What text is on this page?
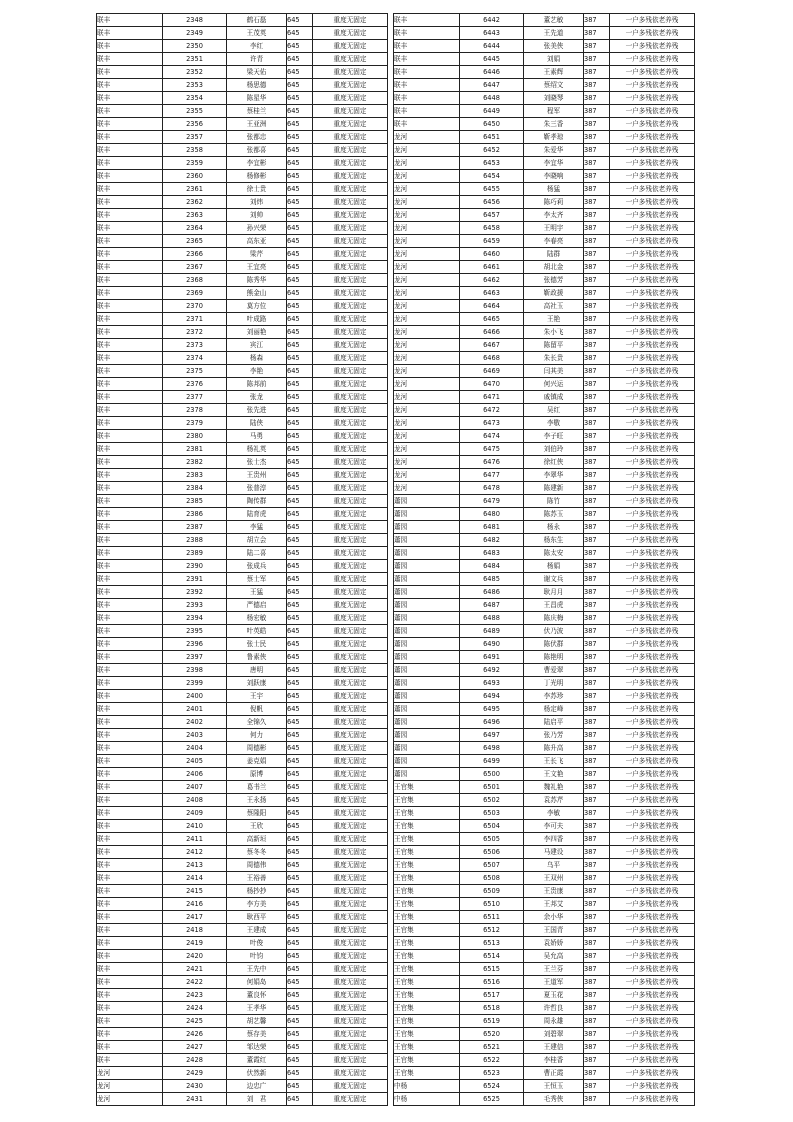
联丰	2348	鹤石磊	645	重度无固定
联丰	2349	王茂英	645	重度无固定
联丰	2350	李红	645	重度无固定
联丰	2351	许青	645	重度无固定
联丰	2352	梁天佑	645	重度无固定
联丰	2353	杨思德	645	重度无固定
联丰	2354	陈星华	645	重度无固定
联丰	2355	蔡桂兰	645	重度无固定
联丰	2356	王亚洲	645	重度无固定
联丰	2357	张都忠	645	重度无固定
联丰	2358	张都喜	645	重度无固定
联丰	2359	李宜彬	645	重度无固定
联丰	2360	杨修彬	645	重度无固定
联丰	2361	徐士贵	645	重度无固定
联丰	2362	刘炜	645	重度无固定
联丰	2363	刘帅	645	重度无固定
联丰	2364	孙兴荣	645	重度无固定
联丰	2365	高东亚	645	重度无固定
联丰	2366	梁芹	645	重度无固定
联丰	2367	王宜亮	645	重度无固定
联丰	2368	陈秀华	645	重度无固定
联丰	2369	熊金山	645	重度无固定
联丰	2370	莫方位	645	重度无固定
联丰	2371	叶成路	645	重度无固定
联丰	2372	刘丽艳	645	重度无固定
联丰	2373	宾江	645	重度无固定
联丰	2374	杨森	645	重度无固定
联丰	2375	李艳	645	重度无固定
联丰	2376	陈邦前	645	重度无固定
联丰	2377	张龙	645	重度无固定
联丰	2378	张先进	645	重度无固定
联丰	2379	陆侠	645	重度无固定
联丰	2380	马勇	645	重度无固定
联丰	2381	杨礼英	645	重度无固定
联丰	2382	张士杰	645	重度无固定
联丰	2383	王贵州	645	重度无固定
联丰	2384	张普淳	645	重度无固定
联丰	2385	陶传群	645	重度无固定
联丰	2386	陆育虎	645	重度无固定
联丰	2387	李猛	645	重度无固定
联丰	2388	胡立会	645	重度无固定
联丰	2389	陆二喜	645	重度无固定
联丰	2390	张成兵	645	重度无固定
联丰	2391	蔡士军	645	重度无固定
联丰	2392	王猛	645	重度无固定
联丰	2393	严德启	645	重度无固定
联丰	2394	杨宏敏	645	重度无固定
联丰	2395	叶英皓	645	重度无固定
联丰	2396	张士民	645	重度无固定
联丰	2397	鲁素侠	645	重度无固定
联丰	2398	唐明	645	重度无固定
联丰	2399	刘跃康	645	重度无固定
联丰	2400	王宇	645	重度无固定
联丰	2401	倪帆	645	重度无固定
联丰	2402	全锦久	645	重度无固定
联丰	2403	何力	645	重度无固定
联丰	2404	周德彬	645	重度无固定
联丰	2405	姜克娟	645	重度无固定
联丰	2406	原博	645	重度无固定
联丰	2407	葛书兰	645	重度无固定
联丰	2408	王永扬	645	重度无固定
联丰	2409	蔡隆阳	645	重度无固定
联丰	2410	王欣	645	重度无固定
联丰	2411	高新垣	645	重度无固定
联丰	2412	蔡冬冬	645	重度无固定
联丰	2413	周德伟	645	重度无固定
联丰	2414	王裕善	645	重度无固定
联丰	2415	杨抄抄	645	重度无固定
联丰	2416	李方美	645	重度无固定
联丰	2417	耿西平	645	重度无固定
联丰	2418	王建成	645	重度无固定
联丰	2419	叶俊	645	重度无固定
联丰	2420	叶钧	645	重度无固定
联丰	2421	王先中	645	重度无固定
联丰	2422	何娟岛	645	重度无固定
联丰	2423	董良怀	645	重度无固定
联丰	2424	王孝华	645	重度无固定
联丰	2425	胡艺馨	645	重度无固定
联丰	2426	蔡存美	645	重度无固定
联丰	2427	邹达荣	645	重度无固定
联丰	2428	董霞红	645	重度无固定
龙河	2429	伏然新	645	重度无固定
龙河	2430	边忠广	645	重度无固定
龙河	2431	刘　君	645	重度无固定
联丰	6442	董艺敏	387	一户多残依老养残
联丰	6443	王先道	387	一户多残依老养残
联丰	6444	张美侠	387	一户多残依老养残
联丰	6445	刘娟	387	一户多残依老养残
联丰	6446	王素辉	387	一户多残依老养残
联丰	6447	蔡绍文	387	一户多残依老养残
联丰	6448	刘晓琴	387	一户多残依老养残
联丰	6449	程军	387	一户多残依老养残
联丰	6450	朱三香	387	一户多残依老养残
龙河	6451	靳孝琼	387	一户多残依老养残
龙河	6452	朱爱华	387	一户多残依老养残
龙河	6453	李宜华	387	一户多残依老养残
龙河	6454	李晓响	387	一户多残依老养残
龙河	6455	杨猛	387	一户多残依老养残
龙河	6456	陈巧莉	387	一户多残依老养残
龙河	6457	李太齐	387	一户多残依老养残
龙河	6458	王明宇	387	一户多残依老养残
龙河	6459	李春亮	387	一户多残依老养残
龙河	6460	陆群	387	一户多残依老养残
龙河	6461	胡北金	387	一户多残依老养残
龙河	6462	张德芳	387	一户多残依老养残
龙河	6463	靳政援	387	一户多残依老养残
龙河	6464	高社玉	387	一户多残依老养残
龙河	6465	王艳	387	一户多残依老养残
龙河	6466	朱小飞	387	一户多残依老养残
龙河	6467	陈留平	387	一户多残依老养残
龙河	6468	朱长贵	387	一户多残依老养残
龙河	6469	闫其美	387	一户多残依老养残
龙河	6470	何兴运	387	一户多残依老养残
龙河	6471	戚镇成	387	一户多残依老养残
龙河	6472	吴红	387	一户多残依老养残
龙河	6473	李敬	387	一户多残依老养残
龙河	6474	李子旺	387	一户多残依老养残
龙河	6475	刘伯玲	387	一户多残依老养残
龙河	6476	徐红侠	387	一户多残依老养残
龙河	6477	李翠华	387	一户多残依老养残
龙河	6478	陈建新	387	一户多残依老养残
蕭园	6479	陈竹	387	一户多残依老养残
蕭园	6480	陈苏玉	387	一户多残依老养残
蕭园	6481	杨永	387	一户多残依老养残
蕭园	6482	杨东生	387	一户多残依老养残
蕭园	6483	陈太安	387	一户多残依老养残
蕭园	6484	杨娟	387	一户多残依老养残
蕭园	6485	谢文兵	387	一户多残依老养残
蕭园	6486	耿月月	387	一户多残依老养残
蕭园	6487	王昌虎	387	一户多残依老养残
蕭园	6488	陈庆梅	387	一户多残依老养残
蕭园	6489	伏乃波	387	一户多残依老养残
蕭园	6490	陈伏群	387	一户多残依老养残
蕭园	6491	陈艳明	387	一户多残依老养残
蕭园	6492	曹爱翠	387	一户多残依老养残
蕭园	6493	丁光明	387	一户多残依老养残
蕭园	6494	李苏珍	387	一户多残依老养残
蕭园	6495	杨定峰	387	一户多残依老养残
蕭园	6496	陆启平	387	一户多残依老养残
蕭园	6497	张乃芳	387	一户多残依老养残
蕭园	6498	陈升高	387	一户多残依老养残
蕭园	6499	王长飞	387	一户多残依老养残
蕭园	6500	王文艳	387	一户多残依老养残
王官集	6501	魏礼艳	387	一户多残依老养残
王官集	6502	袁苏芹	387	一户多残依老养残
王官集	6503	李敏	387	一户多残依老养残
王官集	6504	李可夫	387	一户多残依老养残
王官集	6505	李四香	387	一户多残依老养残
王官集	6506	马建设	387	一户多残依老养残
王官集	6507	乌平	387	一户多残依老养残
王官集	6508	王双州	387	一户多残依老养残
王官集	6509	王贵康	387	一户多残依老养残
王官集	6510	王邦艾	387	一户多残依老养残
王官集	6511	余小华	387	一户多残依老养残
王官集	6512	王国青	387	一户多残依老养残
王官集	6513	袁娇娇	387	一户多残依老养残
王官集	6514	吴允高	387	一户多残依老养残
王官集	6515	王兰芬	387	一户多残依老养残
王官集	6516	王道军	387	一户多残依老养残
王官集	6517	夏玉花	387	一户多残依老养残
王官集	6518	许哲良	387	一户多残依老养残
王官集	6519	周永雄	387	一户多残依老养残
王官集	6520	刘碧翠	387	一户多残依老养残
王官集	6521	王建信	387	一户多残依老养残
王官集	6522	李桂香	387	一户多残依老养残
王官集	6523	曹正霞	387	一户多残依老养残
中杨	6524	王恒玉	387	一户多残依老养残
中杨	6525	毛秀侠	387	一户多残依老养残
